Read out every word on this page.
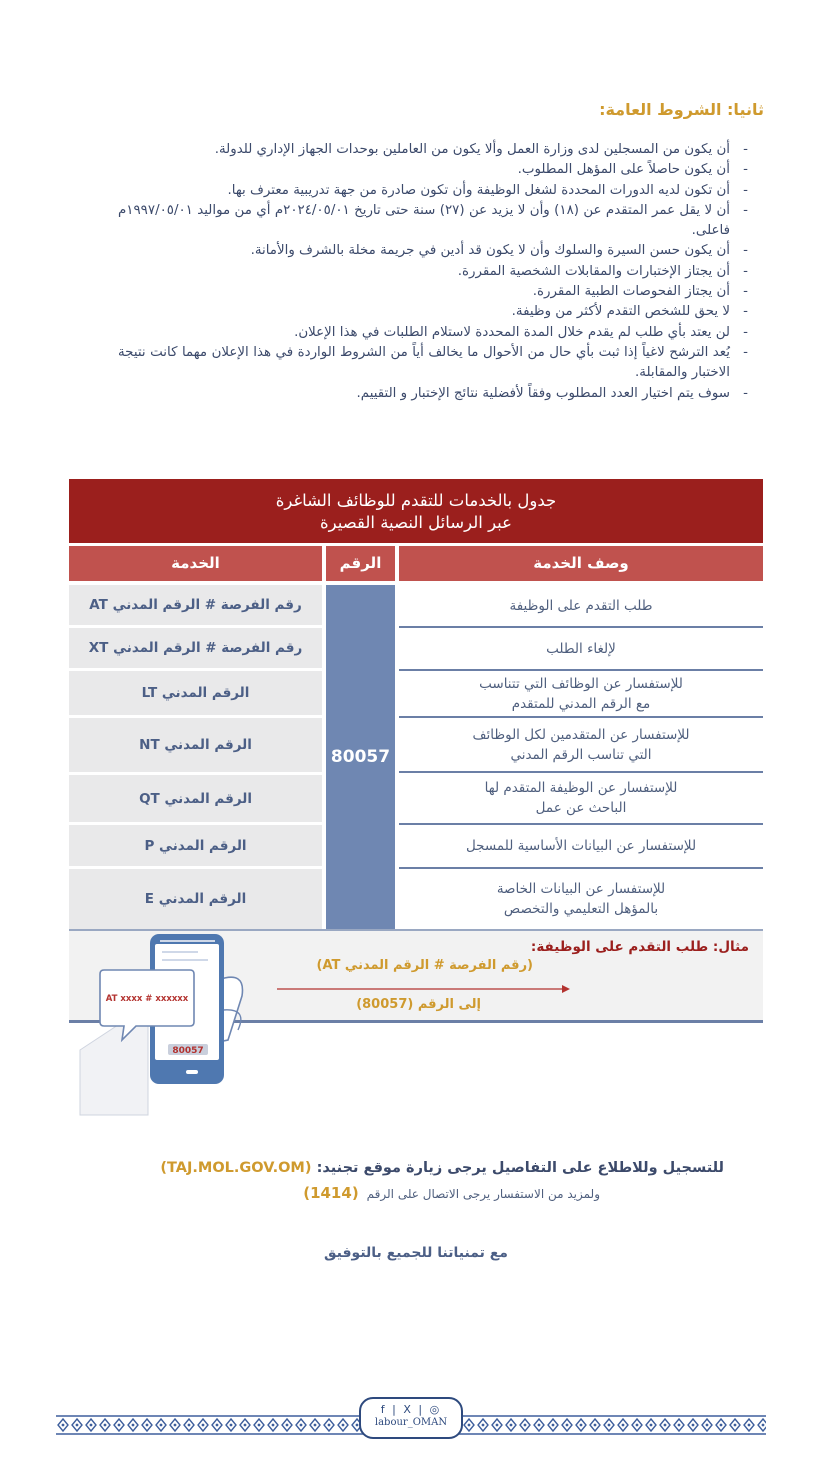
ثانيا: الشروط العامة:
- أن يكون من المسجلين لدى وزارة العمل وألا يكون من العاملين بوحدات الجهاز الإداري للدولة.
- أن يكون حاصلاً على المؤهل المطلوب.
- أن تكون لديه الدورات المحددة لشغل الوظيفة وأن تكون صادرة من جهة تدريبية معترف بها.
- أن لا يقل عمر المتقدم عن (١٨) وأن لا يزيد عن (٢٧) سنة حتى تاريخ ٢٠٢٤/٠٥/٠١م أي من مواليد ١٩٩٧/٠٥/٠١م فاعلى.
- أن يكون حسن السيرة والسلوك وأن لا يكون قد أدين في جريمة مخلة بالشرف والأمانة.
- أن يجتاز الإختبارات والمقابلات الشخصية المقررة.
- أن يجتاز الفحوصات الطبية المقررة.
- لا يحق للشخص التقدم لأكثر من وظيفة.
- لن يعتد بأي طلب لم يقدم خلال المدة المحددة لاستلام الطلبات في هذا الإعلان.
- يُعد الترشح لاغياً إذا ثبت بأي حال من الأحوال ما يخالف أياً من الشروط الواردة في هذا الإعلان مهما كانت نتيجة الاختبار والمقابلة.
- سوف يتم اختيار العدد المطلوب وفقاً لأفضلية نتائج الإختبار و التقييم.
جدول بالخدمات للتقدم للوظائف الشاغرة
عبر الرسائل النصية القصيرة
الخدمة	الرقم	وصف الخدمة
80057
رقم الفرصة # الرقم المدني AT
رقم الفرصة # الرقم المدني XT
الرقم المدني LT
الرقم المدني NT
الرقم المدني QT
الرقم المدني P
الرقم المدني E
طلب التقدم على الوظيفة
لإلغاء الطلب
للإستفسار عن الوظائف التي تتناسب
مع الرقم المدني للمتقدم
للإستفسار عن المتقدمين لكل الوظائف
التي تناسب الرقم المدني
للإستفسار عن الوظيفة المتقدم لها
الباحث عن عمل
للإستفسار عن البيانات الأساسية للمسجل
للإستفسار عن البيانات الخاصة
بالمؤهل التعليمي والتخصص
مثال: طلب التقدم على الوظيفة:
(رقم الفرصة # الرقم المدني AT)
إلى الرقم (80057)
80057
AT xxxx # xxxxxx
للتسجيل وللاطلاع على التفاصيل يرجى زيارة موقع تجنيد: (TAJ.MOL.GOV.OM)
ولمزيد من الاستفسار يرجى الاتصال على الرقم
(1414)
مع تمنياتنا للجميع بالتوفيق
f | X | ◎
labour_OMAN
